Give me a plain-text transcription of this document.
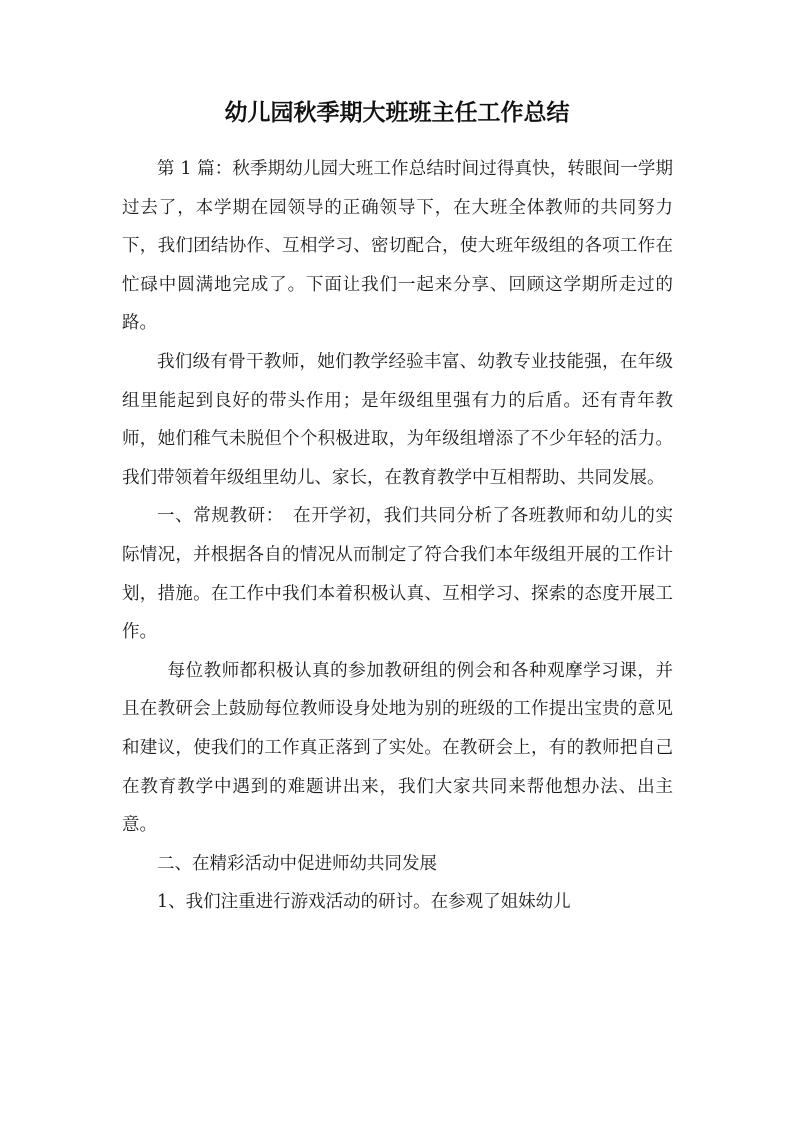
幼儿园秋季期大班班主任工作总结

第 1 篇：秋季期幼儿园大班工作总结时间过得真快，转眼间一学期过去了，本学期在园领导的正确领导下，在大班全体教师的共同努力下，我们团结协作、互相学习、密切配合，使大班年级组的各项工作在忙碌中圆满地完成了。下面让我们一起来分享、回顾这学期所走过的路。

我们级有骨干教师，她们教学经验丰富、幼教专业技能强，在年级组里能起到良好的带头作用；是年级组里强有力的后盾。还有青年教师，她们稚气未脱但个个积极进取，为年级组增添了不少年轻的活力。我们带领着年级组里幼儿、家长，在教育教学中互相帮助、共同发展。

一、常规教研：　在开学初，我们共同分析了各班教师和幼儿的实际情况，并根据各自的情况从而制定了符合我们本年级组开展的工作计划，措施。在工作中我们本着积极认真、互相学习、探索的态度开展工作。

每位教师都积极认真的参加教研组的例会和各种观摩学习课，并且在教研会上鼓励每位教师设身处地为别的班级的工作提出宝贵的意见和建议，使我们的工作真正落到了实处。在教研会上，有的教师把自己在教育教学中遇到的难题讲出来，我们大家共同来帮他想办法、出主意。

二、在精彩活动中促进师幼共同发展

1、我们注重进行游戏活动的研讨。在参观了姐妹幼儿
